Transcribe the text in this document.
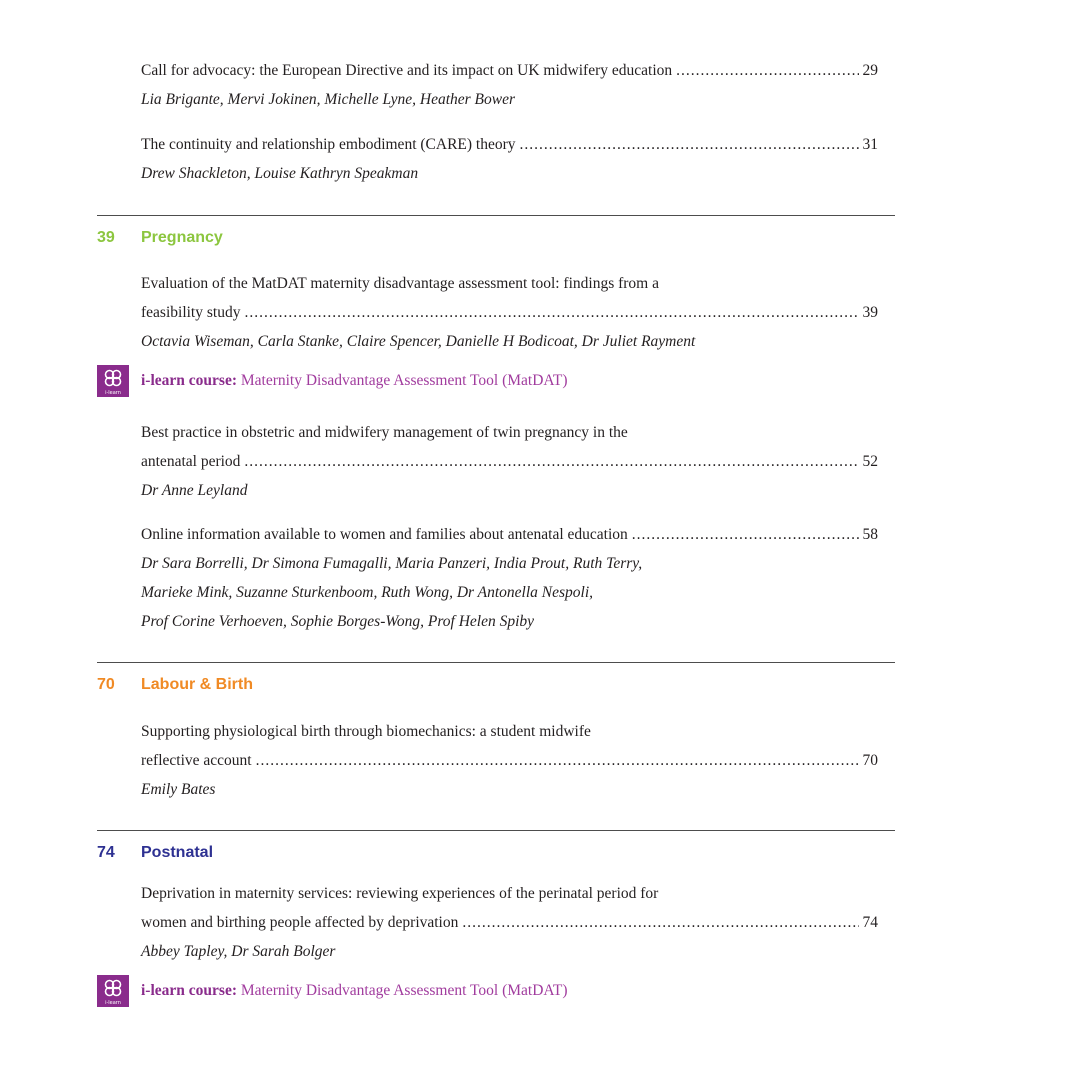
Call for advocacy: the European Directive and its impact on UK midwifery education .....	29
Lia Brigante, Mervi Jokinen, Michelle Lyne, Heather Bower
The continuity and relationship embodiment (CARE) theory .....	31
Drew Shackleton, Louise Kathryn Speakman
39 Pregnancy
Evaluation of the MatDAT maternity disadvantage assessment tool: findings from a
feasibility study .....	39
Octavia Wiseman, Carla Stanke, Claire Spencer, Danielle H Bodicoat, Dr Juliet Rayment
i-learn
i-learn course:
Maternity Disadvantage Assessment Tool (MatDAT)
Best practice in obstetric and midwifery management of twin pregnancy in the
antenatal period .....	52
Dr Anne Leyland
Online information available to women and families about antenatal education .....	58
Dr Sara Borrelli, Dr Simona Fumagalli, Maria Panzeri, India Prout, Ruth Terry,
Marieke Mink, Suzanne Sturkenboom, Ruth Wong, Dr Antonella Nespoli,
Prof Corine Verhoeven, Sophie Borges-Wong, Prof Helen Spiby
70 Labour & Birth
Supporting physiological birth through biomechanics: a student midwife
reflective account .....	70
Emily Bates
74 Postnatal
Deprivation in maternity services: reviewing experiences of the perinatal period for
women and birthing people affected by deprivation .....	74
Abbey Tapley, Dr Sarah Bolger
i-learn
i-learn course:
Maternity Disadvantage Assessment Tool (MatDAT)
